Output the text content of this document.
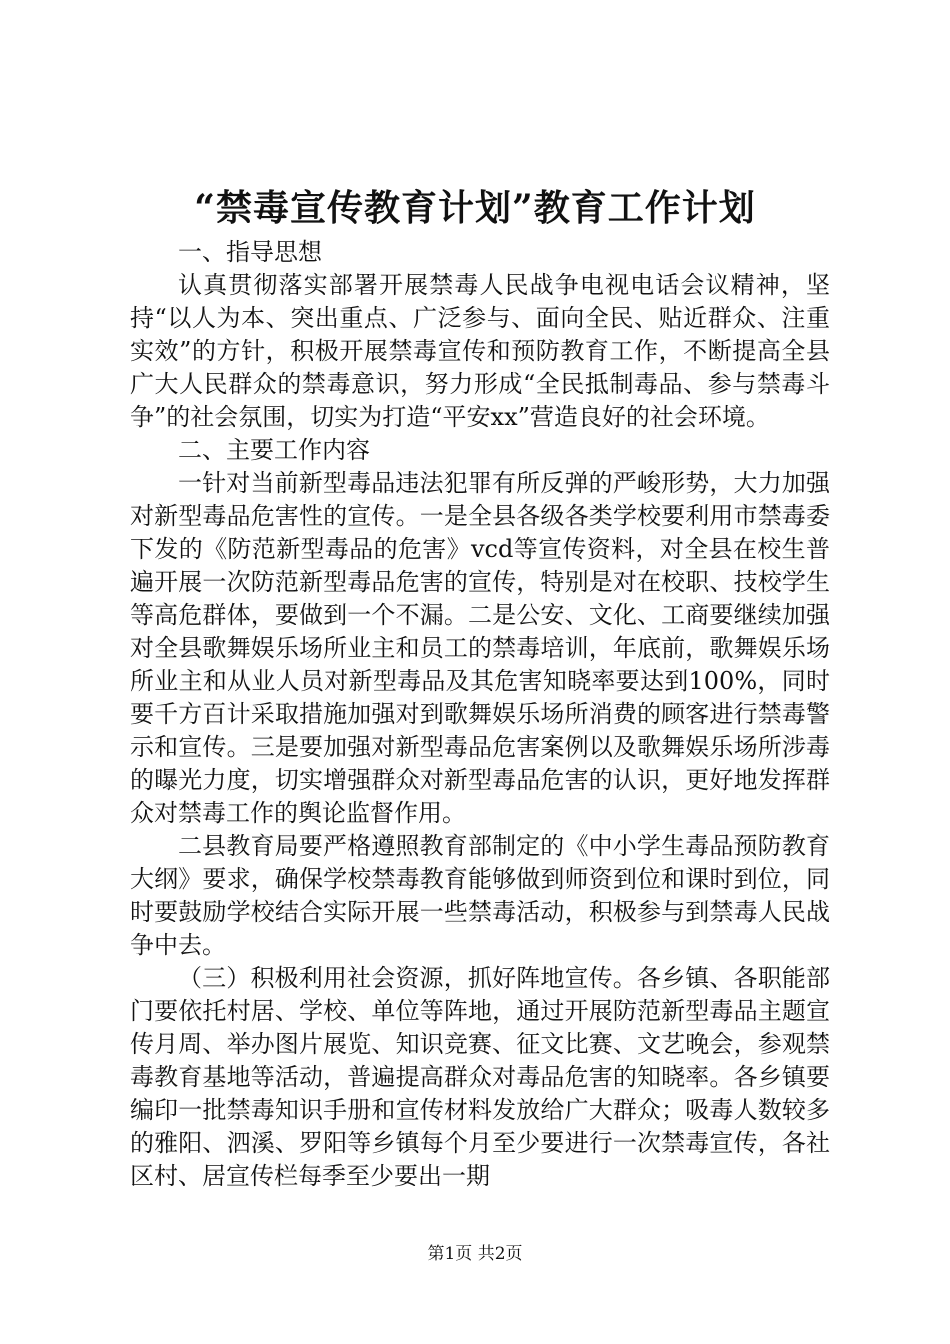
“禁毒宣传教育计划”教育工作计划

一、指导思想

认真贯彻落实部署开展禁毒人民战争电视电话会议精神，坚持“以人为本、突出重点、广泛参与、面向全民、贴近群众、注重实效”的方针，积极开展禁毒宣传和预防教育工作，不断提高全县广大人民群众的禁毒意识，努力形成“全民抵制毒品、参与禁毒斗争”的社会氛围，切实为打造“平安xx”营造良好的社会环境。

二、主要工作内容

一针对当前新型毒品违法犯罪有所反弹的严峻形势，大力加强对新型毒品危害性的宣传。一是全县各级各类学校要利用市禁毒委下发的《防范新型毒品的危害》vcd等宣传资料，对全县在校生普遍开展一次防范新型毒品危害的宣传，特别是对在校职、技校学生等高危群体，要做到一个不漏。二是公安、文化、工商要继续加强对全县歌舞娱乐场所业主和员工的禁毒培训，年底前，歌舞娱乐场所业主和从业人员对新型毒品及其危害知晓率要达到100%，同时要千方百计采取措施加强对到歌舞娱乐场所消费的顾客进行禁毒警示和宣传。三是要加强对新型毒品危害案例以及歌舞娱乐场所涉毒的曝光力度，切实增强群众对新型毒品危害的认识，更好地发挥群众对禁毒工作的舆论监督作用。

二县教育局要严格遵照教育部制定的《中小学生毒品预防教育大纲》要求，确保学校禁毒教育能够做到师资到位和课时到位，同时要鼓励学校结合实际开展一些禁毒活动，积极参与到禁毒人民战争中去。

（三）积极利用社会资源，抓好阵地宣传。各乡镇、各职能部门要依托村居、学校、单位等阵地，通过开展防范新型毒品主题宣传月周、举办图片展览、知识竞赛、征文比赛、文艺晚会，参观禁毒教育基地等活动，普遍提高群众对毒品危害的知晓率。各乡镇要编印一批禁毒知识手册和宣传材料发放给广大群众；吸毒人数较多的雅阳、泗溪、罗阳等乡镇每个月至少要进行一次禁毒宣传，各社区村、居宣传栏每季至少要出一期

第1页 共2页
